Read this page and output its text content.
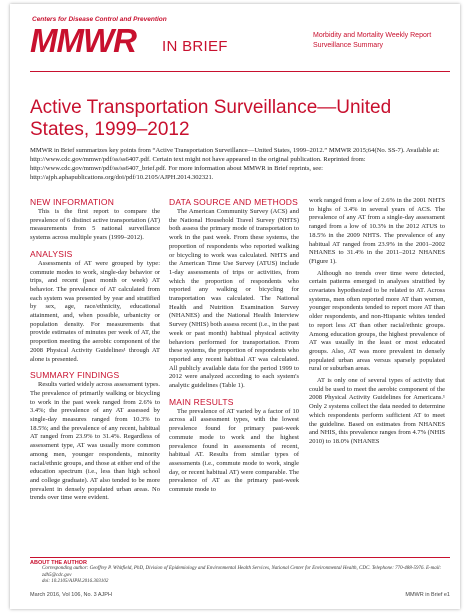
Centers for Disease Control and Prevention
MMWR IN BRIEF
Morbidity and Mortality Weekly Report
Surveillance Summary
Active Transportation Surveillance—United States, 1999–2012
MMWR in Brief summarizes key points from “Active Transportation Surveillance—United States, 1999–2012.” MMWR 2015;64(No. SS-7). Available at: http://www.cdc.gov/mmwr/pdf/ss/ss6407.pdf. Certain text might not have appeared in the original publication. Reprinted from: http://www.cdc.gov/mmwr/pdf/ss/ss6407_brief.pdf. For more information about MMWR in Brief reprints, see: http://ajph.aphapublications.org/doi/pdf/10.2105/AJPH.2014.302321.
NEW INFORMATION

This is the first report to compare the prevalence of 6 distinct active transportation (AT) measurements from 5 national surveillance systems across multiple years (1999–2012).

ANALYSIS

Assessments of AT were grouped by type: commute modes to work, single-day behavior or trips, and recent (past month or week) AT behavior. The prevalence of AT calculated from each system was presented by year and stratified by sex, age, race/ethnicity, educational attainment, and, when possible, urbanicity or population density. For measurements that provide estimates of minutes per week of AT, the proportion meeting the aerobic component of the 2008 Physical Activity Guidelines¹ through AT alone is presented.

SUMMARY FINDINGS

Results varied widely across assessment types. The prevalence of primarily walking or bicycling to work in the past week ranged from 2.6% to 3.4%; the prevalence of any AT assessed by single-day measures ranged from 10.3% to 18.5%; and the prevalence of any recent, habitual AT ranged from 23.9% to 31.4%. Regardless of assessment type, AT was usually more common among men, younger respondents, minority racial/ethnic groups, and those at either end of the education spectrum (i.e., less than high school and college graduate). AT also tended to be more prevalent in densely populated urban areas. No trends over time were evident.

DATA SOURCE AND METHODS

The American Community Survey (ACS) and the National Household Travel Survey (NHTS) both assess the primary mode of transportation to work in the past week. From these systems, the proportion of respondents who reported walking or bicycling to work was calculated. NHTS and the American Time Use Survey (ATUS) include 1-day assessments of trips or activities, from which the proportion of respondents who reported any walking or bicycling for transportation was calculated. The National Health and Nutrition Examination Survey (NHANES) and the National Health Interview Survey (NHIS) both assess recent (i.e., in the past week or past month) habitual physical activity behaviors performed for transportation. From these systems, the proportion of respondents who reported any recent habitual AT was calculated. All publicly available data for the period 1999 to 2012 were analyzed according to each system's analytic guidelines (Table 1).

MAIN RESULTS

The prevalence of AT varied by a factor of 10 across all assessment types, with the lowest prevalence found for primary past-week commute mode to work and the highest prevalence found in assessments of recent, habitual AT. Results from similar types of assessments (i.e., commute mode to work, single day, or recent habitual AT) were comparable. The prevalence of AT as the primary past-week commute mode to

work ranged from a low of 2.6% in the 2001 NHTS to highs of 3.4% in several years of ACS. The prevalence of any AT from a single-day assessment ranged from a low of 10.3% in the 2012 ATUS to 18.5% in the 2009 NHTS. The prevalence of any habitual AT ranged from 23.9% in the 2001–2002 NHANES to 31.4% in the 2011–2012 NHANES (Figure 1).

Although no trends over time were detected, certain patterns emerged in analyses stratified by covariates hypothesized to be related to AT. Across systems, men often reported more AT than women, younger respondents tended to report more AT than older respondents, and non-Hispanic whites tended to report less AT than other racial/ethnic groups. Among education groups, the highest prevalence of AT was usually in the least or most educated groups. Also, AT was more prevalent in densely populated urban areas versus sparsely populated rural or suburban areas.

AT is only one of several types of activity that could be used to meet the aerobic component of the 2008 Physical Activity Guidelines for Americans.¹ Only 2 systems collect the data needed to determine which respondents perform sufficient AT to meet the guideline. Based on estimates from NHANES and NHIS, this prevalence ranges from 4.7% (NHIS 2010) to 18.0% (NHANES

ABOUT THE AUTHOR
Corresponding author: Geoffrey P. Whitfield, PhD, Division of Epidemiology and Environmental Health Services, National Center for Environmental Health, CDC. Telephone: 770-488-5976. E-mail: zdh5@cdc.gov
doi: 10.2105/AJPH.2016.303102
March 2016, Vol 106, No. 3 AJPH	MMWR in Brief e1
